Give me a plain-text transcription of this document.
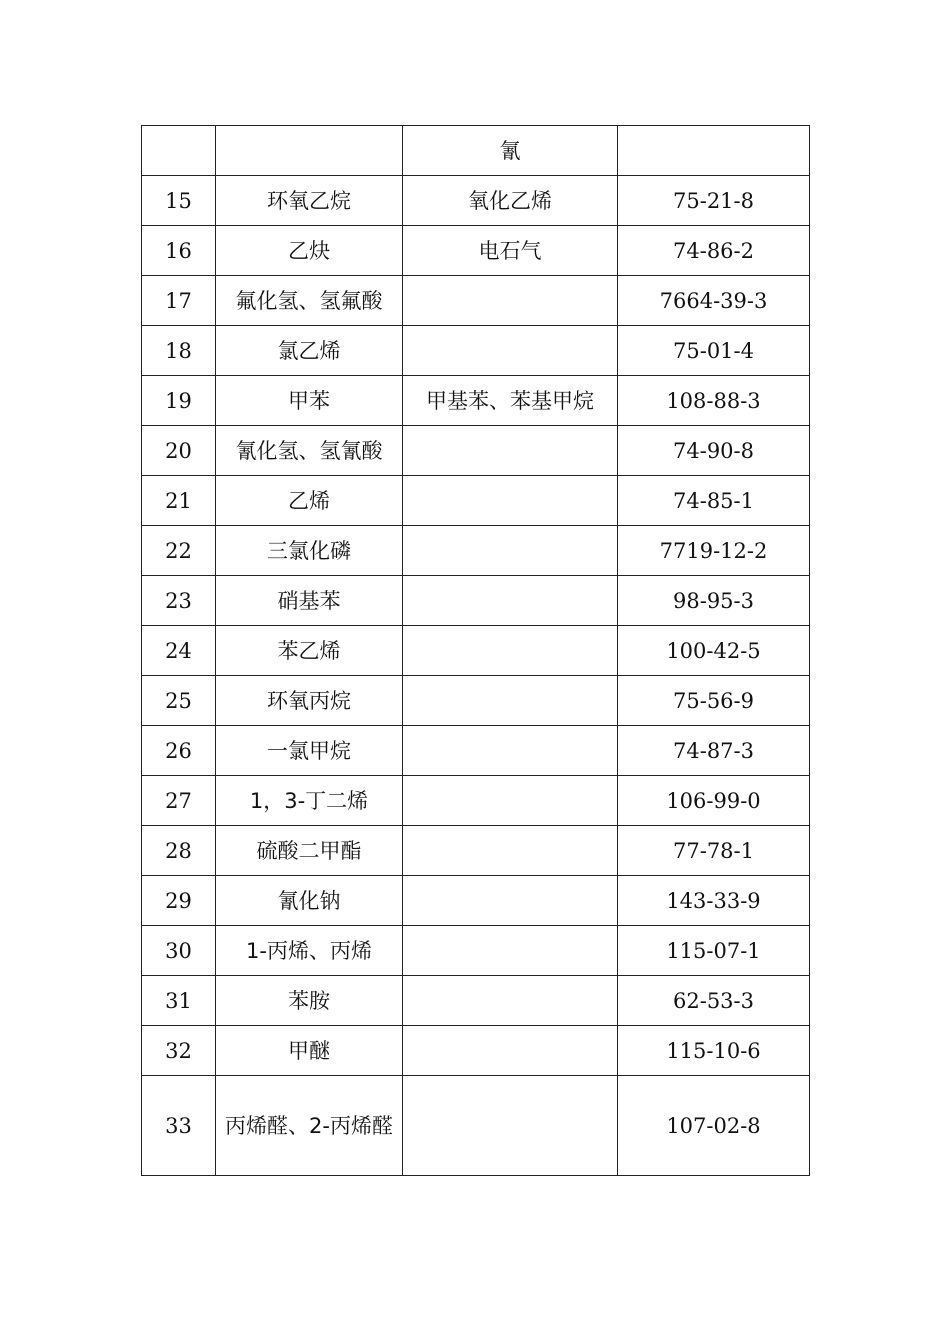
		氰	
15	环氧乙烷	氧化乙烯	75-21-8
16	乙炔	电石气	74-86-2
17	氟化氢、氢氟酸		7664-39-3
18	氯乙烯		75-01-4
19	甲苯	甲基苯、苯基甲烷	108-88-3
20	氰化氢、氢氰酸		74-90-8
21	乙烯		74-85-1
22	三氯化磷		7719-12-2
23	硝基苯		98-95-3
24	苯乙烯		100-42-5
25	环氧丙烷		75-56-9
26	一氯甲烷		74-87-3
27	1，3-丁二烯		106-99-0
28	硫酸二甲酯		77-78-1
29	氰化钠		143-33-9
30	1-丙烯、丙烯		115-07-1
31	苯胺		62-53-3
32	甲醚		115-10-6
33	丙烯醛、2-丙烯醛		107-02-8
